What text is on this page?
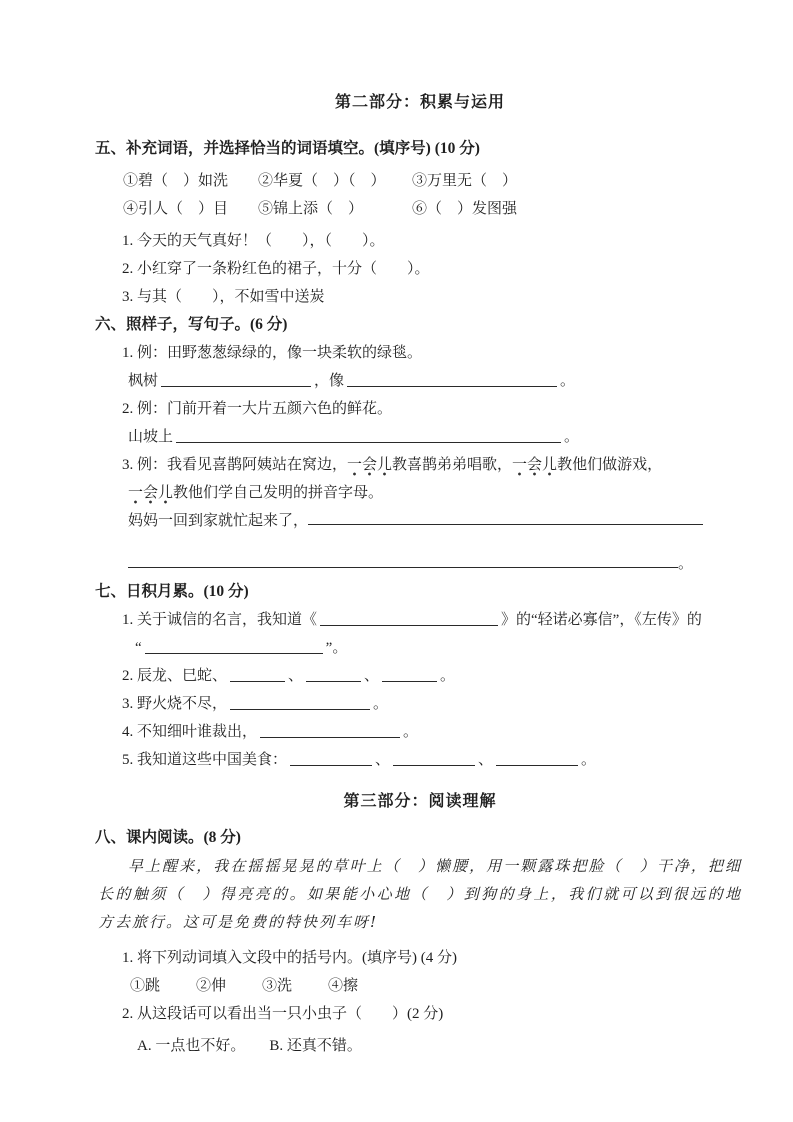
第二部分：积累与运用
五、补充词语，并选择恰当的词语填空。(填序号) (10 分)
①碧（　）如洗	②华夏（　）（　）	③万里无（　）
④引人（　）目	⑤锦上添（　）	⑥（　）发图强
1. 今天的天气真好！（　　），（　　）。
2. 小红穿了一条粉红色的裙子，十分（　　）。
3. 与其（　　），不如雪中送炭
六、照样子，写句子。(6 分)
1. 例：田野葱葱绿绿的，像一块柔软的绿毯。
枫树	，像	。
2. 例：门前开着一大片五颜六色的鲜花。
山坡上	。
3. 例：我看见喜鹊阿姨站在窝边，一会儿教喜鹊弟弟唱歌，一会儿教他们做游戏，
一会儿教他们学自己发明的拼音字母。
妈妈一回到家就忙起来了，
。
七、日积月累。(10 分)
1. 关于诚信的名言，我知道《	》的“轻诺必寡信”，《左传》的
“	”。
2. 辰龙、巳蛇、	、	、	。
3. 野火烧不尽，	。
4. 不知细叶谁裁出，	。
5. 我知道这些中国美食：	、	、	。
第三部分：阅读理解
八、课内阅读。(8 分)
早上醒来，我在摇摇晃晃的草叶上（　）懒腰，用一颗露珠把脸（　）干净，把细长的触须（　）得亮亮的。如果能小心地（　）到狗的身上，我们就可以到很远的地方去旅行。这可是免费的特快列车呀!
1. 将下列动词填入文段中的括号内。(填序号) (4 分)
①跳 ②伸 ③洗 ④擦
2. 从这段话可以看出当一只小虫子（　　）(2 分)
A. 一点也不好。 B. 还真不错。
